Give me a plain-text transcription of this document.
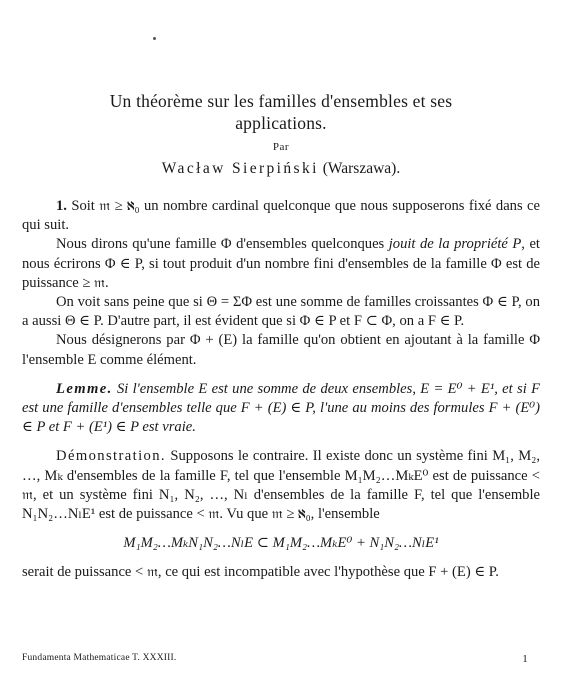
Un théorème sur les familles d'ensembles et ses
applications.
Par
Wacław Sierpiński (Warszawa).

1. Soit 𝔪 ≥ ℵ₀ un nombre cardinal quelconque que nous supposerons fixé dans ce qui suit.

Nous dirons qu'une famille Φ d'ensembles quelconques jouit de la propriété P, et nous écrirons Φ ∈ P, si tout produit d'un nombre fini d'ensembles de la famille Φ est de puissance ≥ 𝔪.

On voit sans peine que si Θ = ΣΦ est une somme de familles croissantes Φ ∈ P, on a aussi Θ ∈ P. D'autre part, il est évident que si Φ ∈ P et F ⊂ Φ, on a F ∈ P.

Nous désignerons par Φ + (E) la famille qu'on obtient en ajoutant à la famille Φ l'ensemble E comme élément.

Lemme. Si l'ensemble E est une somme de deux ensembles, E = E⁰ + E¹, et si F est une famille d'ensembles telle que F + (E) ∈ P, l'une au moins des formules F + (E⁰) ∈ P et F + (E¹) ∈ P est vraie.

Démonstration. Supposons le contraire. Il existe donc un système fini M₁, M₂, …, Mₖ d'ensembles de la famille F, tel que l'ensemble M₁M₂…MₖE⁰ est de puissance < 𝔪, et un système fini N₁, N₂, …, Nₗ d'ensembles de la famille F, tel que l'ensemble N₁N₂…NₗE¹ est de puissance < 𝔪. Vu que 𝔪 ≥ ℵ₀, l'ensemble

M₁M₂…MₖN₁N₂…NₗE ⊂ M₁M₂…MₖE⁰ + N₁N₂…NₗE¹

serait de puissance < 𝔪, ce qui est incompatible avec l'hypothèse que F + (E) ∈ P.

Fundamenta Mathematicae T. XXXIII.	1
